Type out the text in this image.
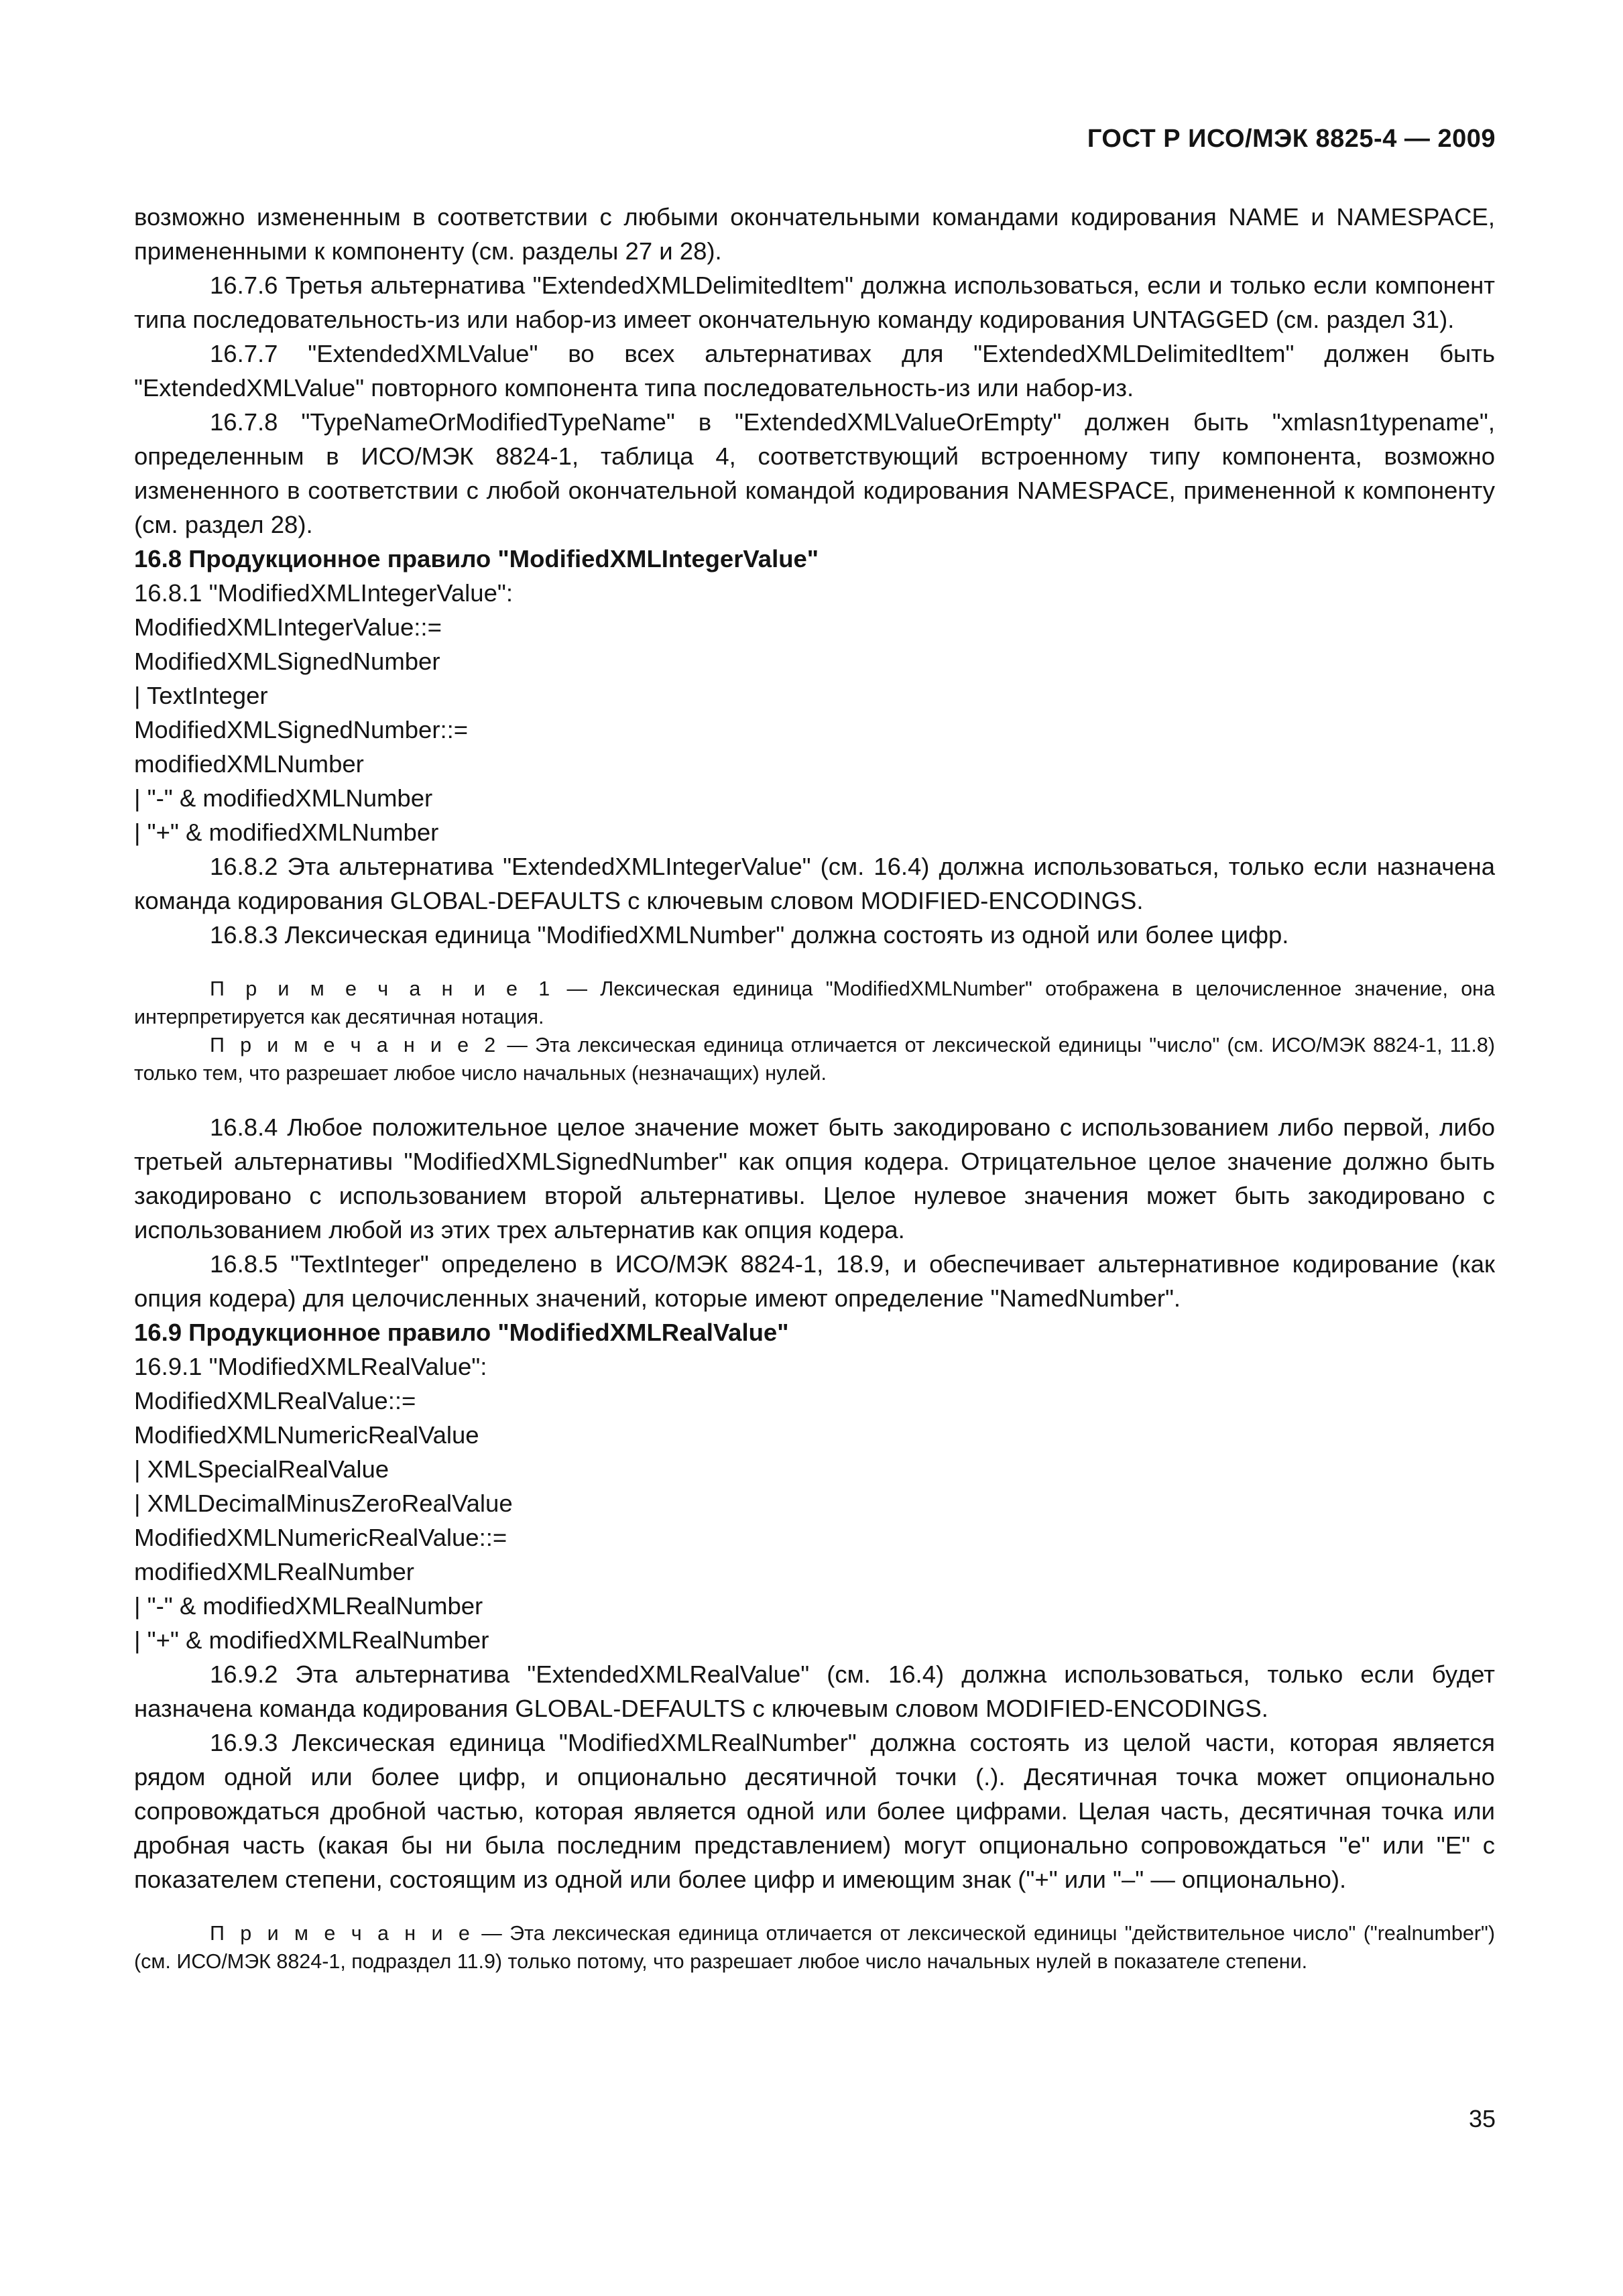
ГОСТ Р ИСО/МЭК 8825-4 — 2009

возможно измененным в соответствии с любыми окончательными командами кодирования NAME и NAMESPACE, примененными к компоненту (см. разделы 27 и 28).

16.7.6 Третья альтернатива "ExtendedXMLDelimitedItem" должна использоваться, если и только если компонент типа последовательность-из или набор-из имеет окончательную команду кодирования UNTAGGED (см. раздел 31).

16.7.7 "ExtendedXMLValue" во всех альтернативах для "ExtendedXMLDelimitedItem" должен быть "ExtendedXMLValue" повторного компонента типа последовательность-из или набор-из.

16.7.8 "TypeNameOrModifiedTypeName" в "ExtendedXMLValueOrEmpty" должен быть "xmlasn1typename", определенным в ИСО/МЭК 8824-1, таблица 4, соответствующий встроенному типу компонента, возможно измененного в соответствии с любой окончательной командой кодирования NAMESPACE, примененной к компоненту (см. раздел 28).

16.8 Продукционное правило "ModifiedXMLIntegerValue"

16.8.1 "ModifiedXMLIntegerValue":

ModifiedXMLIntegerValue::=

ModifiedXMLSignedNumber

| TextInteger

ModifiedXMLSignedNumber::=

modifiedXMLNumber

| "-" & modifiedXMLNumber

| "+" & modifiedXMLNumber

16.8.2 Эта альтернатива "ExtendedXMLIntegerValue" (см. 16.4) должна использоваться, только если назначена команда кодирования GLOBAL-DEFAULTS с ключевым словом MODIFIED-ENCODINGS.

16.8.3 Лексическая единица "ModifiedXMLNumber" должна состоять из одной или более цифр.

П р и м е ч а н и е 1 — Лексическая единица "ModifiedXMLNumber" отображена в целочисленное значение, она интерпретируется как десятичная нотация.

П р и м е ч а н и е 2 — Эта лексическая единица отличается от лексической единицы "число" (см. ИСО/МЭК 8824-1, 11.8) только тем, что разрешает любое число начальных (незначащих) нулей.

16.8.4 Любое положительное целое значение может быть закодировано с использованием либо первой, либо третьей альтернативы "ModifiedXMLSignedNumber" как опция кодера. Отрицательное целое значение должно быть закодировано с использованием второй альтернативы. Целое нулевое значения может быть закодировано с использованием любой из этих трех альтернатив как опция кодера.

16.8.5 "TextInteger" определено в ИСО/МЭК 8824-1, 18.9, и обеспечивает альтернативное кодирование (как опция кодера) для целочисленных значений, которые имеют определение "NamedNumber".

16.9 Продукционное правило "ModifiedXMLRealValue"

16.9.1 "ModifiedXMLRealValue":

ModifiedXMLRealValue::=

ModifiedXMLNumericRealValue

| XMLSpecialRealValue

| XMLDecimalMinusZeroRealValue

ModifiedXMLNumericRealValue::=

modifiedXMLRealNumber

| "-" & modifiedXMLRealNumber

| "+" & modifiedXMLRealNumber

16.9.2 Эта альтернатива "ExtendedXMLRealValue" (см. 16.4) должна использоваться, только если будет назначена команда кодирования GLOBAL-DEFAULTS с ключевым словом MODIFIED-ENCODINGS.

16.9.3 Лексическая единица "ModifiedXMLRealNumber" должна состоять из целой части, которая является рядом одной или более цифр, и опционально десятичной точки (.). Десятичная точка может опционально сопровождаться дробной частью, которая является одной или более цифрами. Целая часть, десятичная точка или дробная часть (какая бы ни была последним представлением) могут опционально сопровождаться "е" или "Е" с показателем степени, состоящим из одной или более цифр и имеющим знак ("+" или "–" — опционально).

П р и м е ч а н и е — Эта лексическая единица отличается от лексической единицы "действительное число" ("realnumber") (см. ИСО/МЭК 8824-1, подраздел 11.9) только потому, что разрешает любое число начальных нулей в показателе степени.

35
